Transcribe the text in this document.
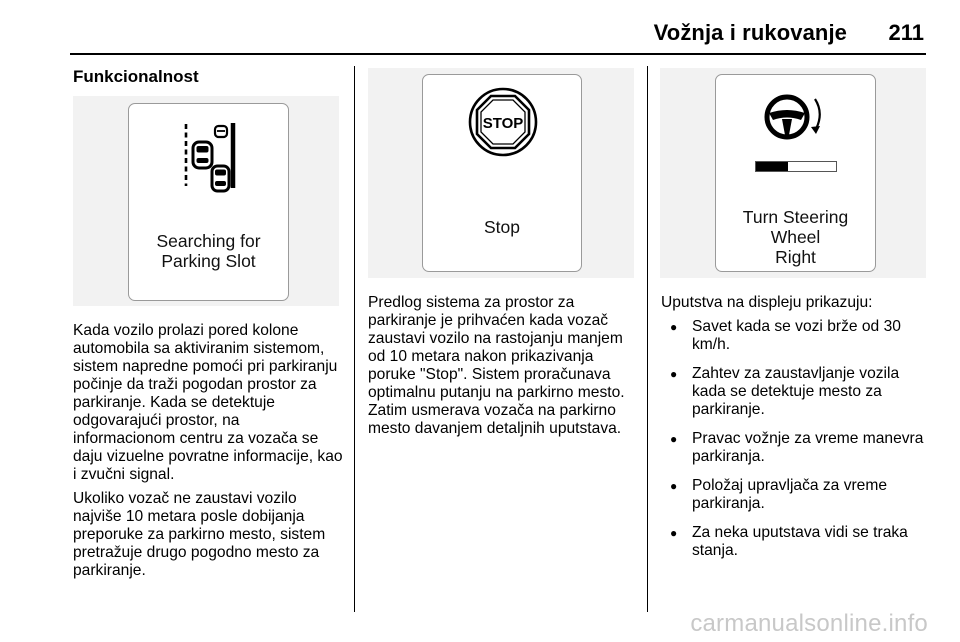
Vožnja i rukovanje 211
Funkcionalnost
Searching for
Parking Slot
STOP
Stop	Turn Steering
Wheel
Right

Kada vozilo prolazi pored kolone automobila sa aktiviranim sistemom, sistem napredne pomoći pri parkiranju počinje da traži pogodan prostor za parkiranje. Kada se detektuje odgovarajući prostor, na informacionom centru za vozača se daju vizuelne povratne informacije, kao i zvučni signal.

Ukoliko vozač ne zaustavi vozilo najviše 10 metara posle dobijanja preporuke za parkirno mesto, sistem pretražuje drugo pogodno mesto za parkiranje.

Predlog sistema za prostor za parkiranje je prihvaćen kada vozač zaustavi vozilo na rastojanju manjem od 10 metara nakon prikazivanja poruke "Stop". Sistem proračunava optimalnu putanju na parkirno mesto. Zatim usmerava vozača na parkirno mesto davanjem detaljnih uputstava.

Uputstva na displeju prikazuju:

● Savet kada se vozi brže od 30 km/h.
● Zahtev za zaustavljanje vozila kada se detektuje mesto za parkiranje.
● Pravac vožnje za vreme manevra parkiranja.
● Položaj upravljača za vreme parkiranja.
● Za neka uputstava vidi se traka stanja.
carmanualsonline.info
